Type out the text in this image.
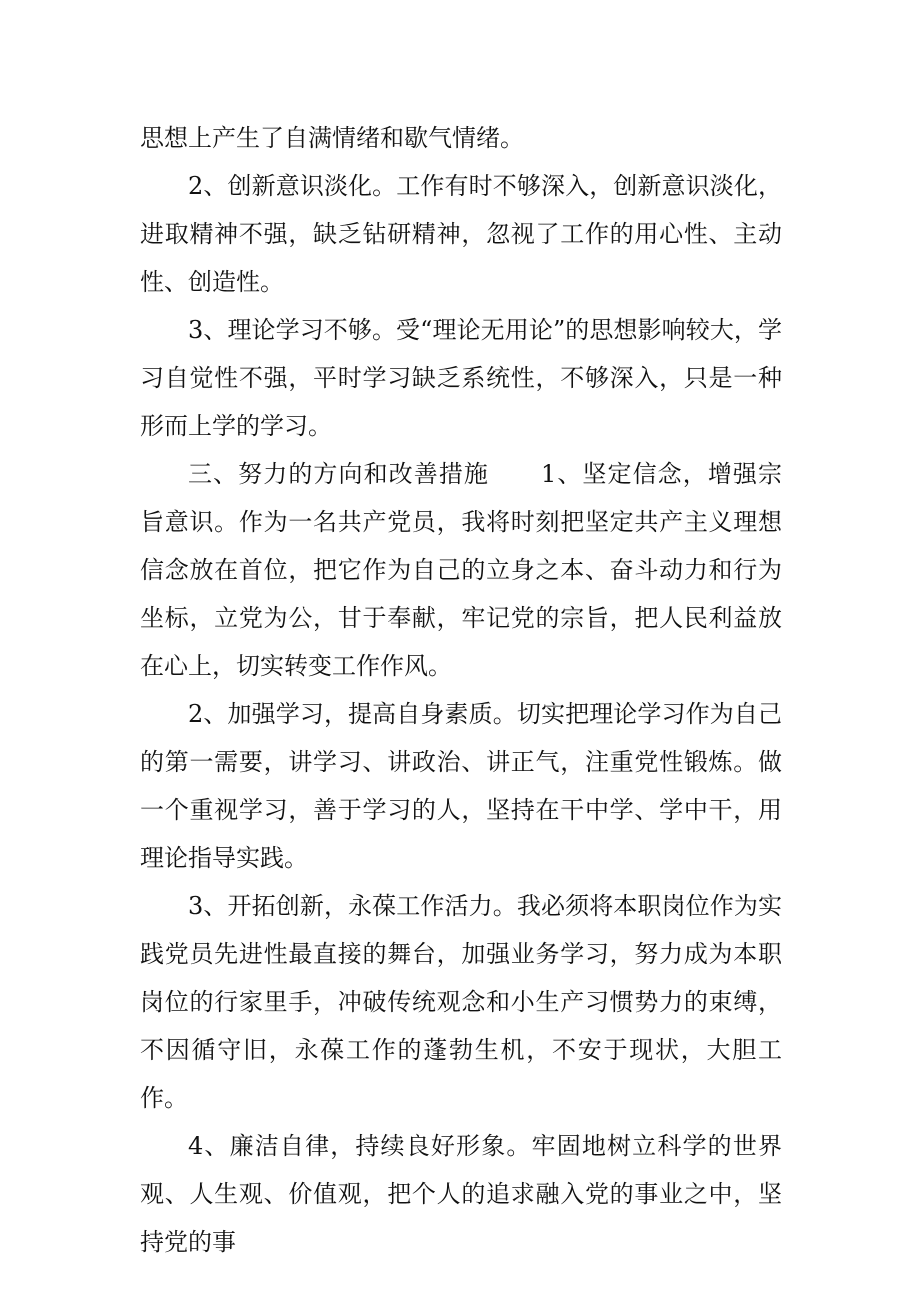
思想上产生了自满情绪和歇气情绪。

2、创新意识淡化。工作有时不够深入，创新意识淡化，进取精神不强，缺乏钻研精神，忽视了工作的用心性、主动性、创造性。

3、理论学习不够。受“理论无用论”的思想影响较大，学习自觉性不强，平时学习缺乏系统性，不够深入，只是一种形而上学的学习。

三、努力的方向和改善措施 1、坚定信念，增强宗旨意识。作为一名共产党员，我将时刻把坚定共产主义理想信念放在首位，把它作为自己的立身之本、奋斗动力和行为坐标，立党为公，甘于奉献，牢记党的宗旨，把人民利益放在心上，切实转变工作作风。

2、加强学习，提高自身素质。切实把理论学习作为自己的第一需要，讲学习、讲政治、讲正气，注重党性锻炼。做一个重视学习，善于学习的人，坚持在干中学、学中干，用理论指导实践。

3、开拓创新，永葆工作活力。我必须将本职岗位作为实践党员先进性最直接的舞台，加强业务学习，努力成为本职岗位的行家里手，冲破传统观念和小生产习惯势力的束缚，不因循守旧，永葆工作的蓬勃生机，不安于现状，大胆工作。

4、廉洁自律，持续良好形象。牢固地树立科学的世界观、人生观、价值观，把个人的追求融入党的事业之中，坚持党的事
